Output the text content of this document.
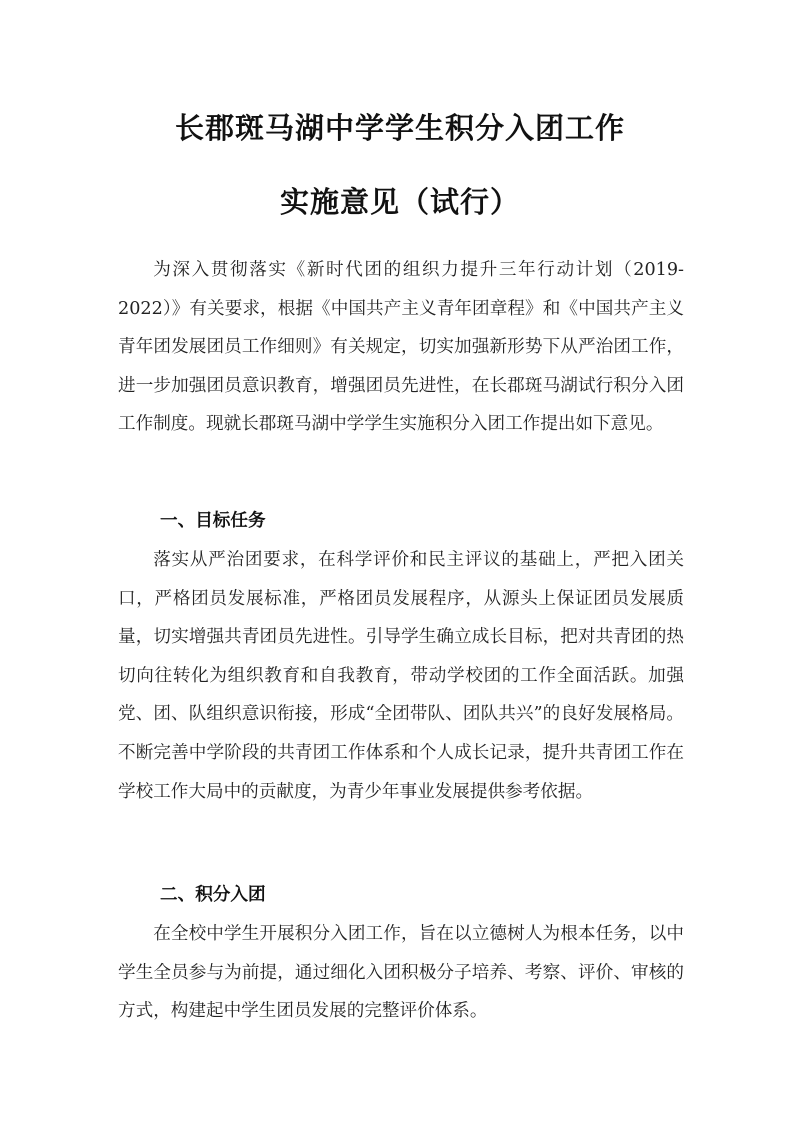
长郡斑马湖中学学生积分入团工作
实施意见（试行）

为深入贯彻落实《新时代团的组织力提升三年行动计划（2019-2022）》有关要求，根据《中国共产主义青年团章程》和《中国共产主义青年团发展团员工作细则》有关规定，切实加强新形势下从严治团工作，进一步加强团员意识教育，增强团员先进性，在长郡斑马湖试行积分入团工作制度。现就长郡斑马湖中学学生实施积分入团工作提出如下意见。

一、目标任务

落实从严治团要求，在科学评价和民主评议的基础上，严把入团关口，严格团员发展标准，严格团员发展程序，从源头上保证团员发展质量，切实增强共青团员先进性。引导学生确立成长目标，把对共青团的热切向往转化为组织教育和自我教育，带动学校团的工作全面活跃。加强党、团、队组织意识衔接，形成“全团带队、团队共兴”的良好发展格局。不断完善中学阶段的共青团工作体系和个人成长记录，提升共青团工作在学校工作大局中的贡献度，为青少年事业发展提供参考依据。

二、积分入团

在全校中学生开展积分入团工作，旨在以立德树人为根本任务，以中学生全员参与为前提，通过细化入团积极分子培养、考察、评价、审核的方式，构建起中学生团员发展的完整评价体系。
